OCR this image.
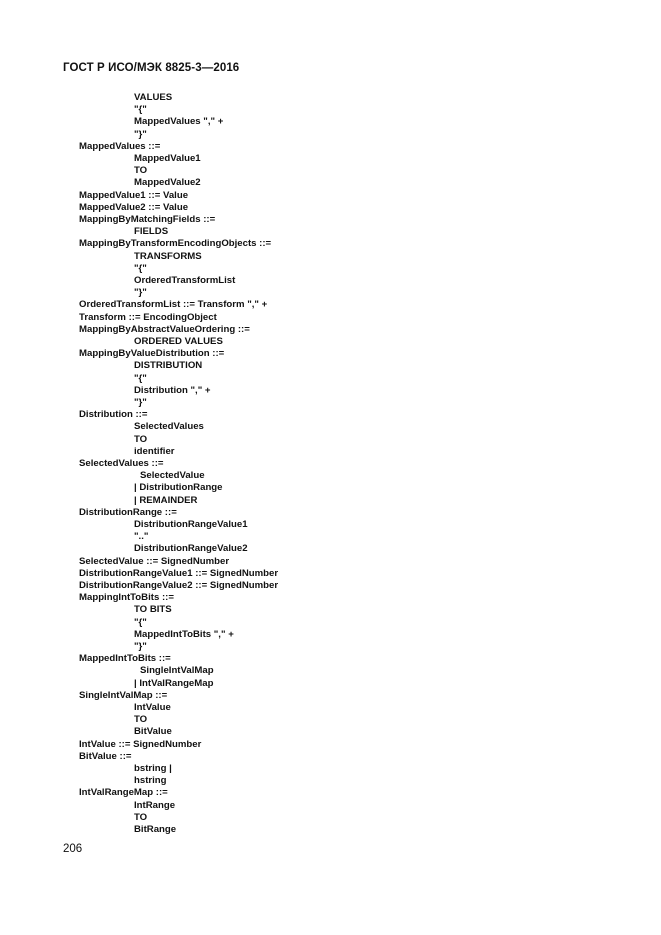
ГОСТ Р ИСО/МЭК 8825-3—2016
VALUES
"{"
MappedValues "," +
"}"
MappedValues ::=
MappedValue1
TO
MappedValue2
MappedValue1 ::= Value
MappedValue2 ::= Value
MappingByMatchingFields ::=
FIELDS
MappingByTransformEncodingObjects ::=
TRANSFORMS
"{"
OrderedTransformList
"}"
OrderedTransformList ::= Transform "," +
Transform ::= EncodingObject
MappingByAbstractValueOrdering ::=
ORDERED VALUES
MappingByValueDistribution ::=
DISTRIBUTION
"{"
Distribution "," +
"}"
Distribution ::=
SelectedValues
TO
identifier
SelectedValues ::=
SelectedValue
| DistributionRange
| REMAINDER
DistributionRange ::=
DistributionRangeValue1
".."
DistributionRangeValue2
SelectedValue ::= SignedNumber
DistributionRangeValue1 ::= SignedNumber
DistributionRangeValue2 ::= SignedNumber
MappingIntToBits ::=
TO BITS
"{"
MappedIntToBits "," +
"}"
MappedIntToBits ::=
SingleIntValMap
| IntValRangeMap
SingleIntValMap ::=
IntValue
TO
BitValue
IntValue ::= SignedNumber
BitValue ::=
bstring |
hstring
IntValRangeMap ::=
IntRange
TO
BitRange
206
